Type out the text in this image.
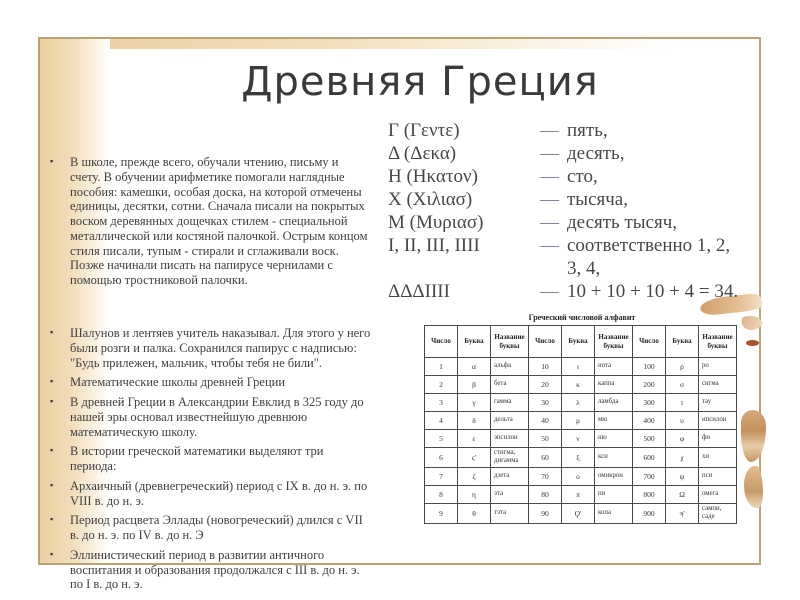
Древняя Греция
▪ В школе, прежде всего, обучали чтению, письму и счету. В обучении арифметике помогали наглядные пособия: камешки, особая доска, на которой отмечены единицы, десятки, сотни. Сначала писали на покрытых воском деревянных дощечках стилем - специальной металлической или костяной палочкой. Острым концом стиля писали, тупым - стирали и сглаживали воск. Позже начинали писать на папирусе чернилами с помощью тростниковой палочки.
▪ Шалунов и лентяев учитель наказывал. Для этого у него были розги и палка. Сохранился папирус с надписью: "Будь прилежен, мальчик, чтобы тебя не били".
▪ Математические школы древней Греции
▪ В древней Греции в Александрии Евклид в 325 году до нашей эры основал известнейшую древнюю математическую школу.
▪ В истории греческой математики выделяют три периода:
▪ Архаичный (древнегреческий) период с IX в. до н. э. по VIII в. до н. э.
▪ Период расцвета Эллады (новогреческий) длился с VII в. до н. э. по IV в. до н. Э
▪ Эллинистический период в развитии античного воспитания и образования продолжался с III в. до н. э. по I в. до н. э.
Γ (Γεντε)	— пять,
Δ (Δεκα)	— десять,
Η (Ηκατον)	— сто,
Χ (Χιλιασ)	— тысяча,
Μ (Μυριασ)	— десять тысяч,
I, II, III, IIII	— соответственно 1, 2,
3, 4,
ΔΔΔIIII	— 10 + 10 + 10 + 4 = 34.
Греческий числовой алфавит
Число	Буква	Название буквы	Число	Буква	Название буквы	Число	Буква	Название буквы
1	α	альфа	10	ι	иота	100	ρ	ро
2	β	бета	20	κ	каппа	200	σ	сигма
3	γ	гамма	30	λ	ламбда	300	τ	тау
4	δ	дельта	40	μ	мю	400	υ	ипсилон
5	ε	эпсилон	50	ν	ню	500	φ	фи
6	ϛ'	стигма, дигамма	60	ξ	кси	600	χ	хи
7	ζ	дзета	70	ο	омикрон	700	ψ	пси
8	η	эта	80	π	пи	800	Ω	омега
9	θ	тэта	90	Ϙ'	копа	900	ϡ'	сампи, саде
